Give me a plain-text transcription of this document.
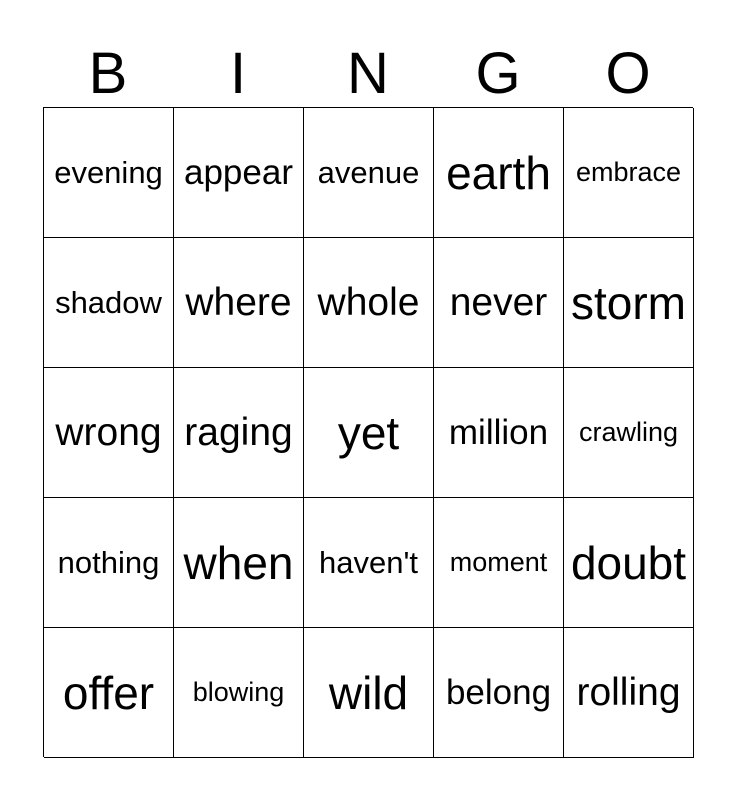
B	I	N	G	O
evening appear avenue earth embrace
shadow where whole never storm
wrong raging yet	million	crawling
nothing when haven't	moment doubt
offer	blowing wild	belong rolling
